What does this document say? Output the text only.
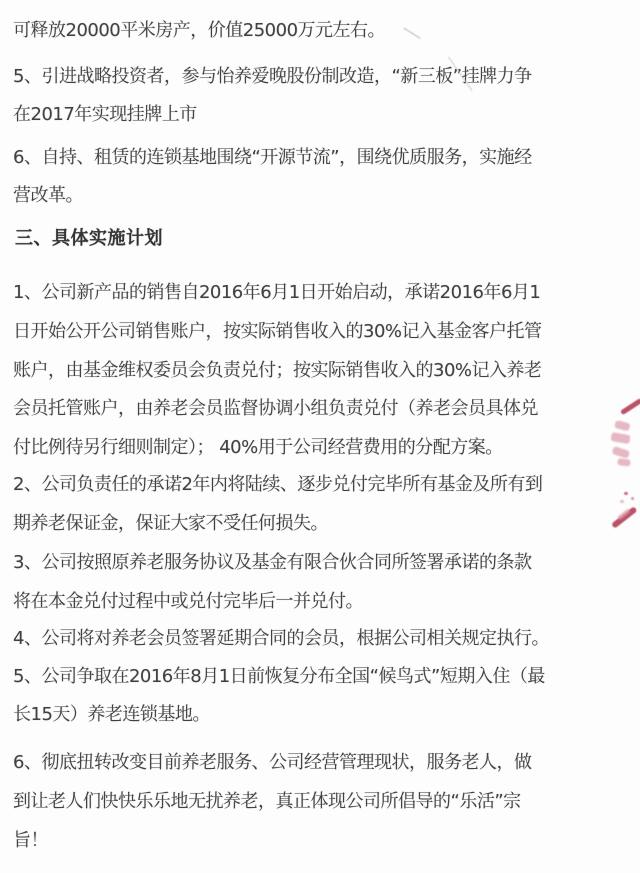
可释放20000平米房产，价值25000万元左右。
5、引进战略投资者，参与怡养爱晚股份制改造，“新三板”挂牌力争
在2017年实现挂牌上市
6、自持、租赁的连锁基地围绕“开源节流”，围绕优质服务，实施经
营改革。
三、具体实施计划
1、公司新产品的销售自2016年6月1日开始启动，承诺2016年6月1
日开始公开公司销售账户，按实际销售收入的30%记入基金客户托管
账户，由基金维权委员会负责兑付；按实际销售收入的30%记入养老
会员托管账户，由养老会员监督协调小组负责兑付（养老会员具体兑
付比例待另行细则制定）； 40%用于公司经营费用的分配方案。
2、公司负责任的承诺2年内将陆续、逐步兑付完毕所有基金及所有到
期养老保证金，保证大家不受任何损失。
3、公司按照原养老服务协议及基金有限合伙合同所签署承诺的条款
将在本金兑付过程中或兑付完毕后一并兑付。
4、公司将对养老会员签署延期合同的会员，根据公司相关规定执行。
5、公司争取在2016年8月1日前恢复分布全国“候鸟式”短期入住（最
长15天）养老连锁基地。
6、彻底扭转改变目前养老服务、公司经营管理现状，服务老人，做
到让老人们快快乐乐地无扰养老，真正体现公司所倡导的“乐活”宗
旨！
